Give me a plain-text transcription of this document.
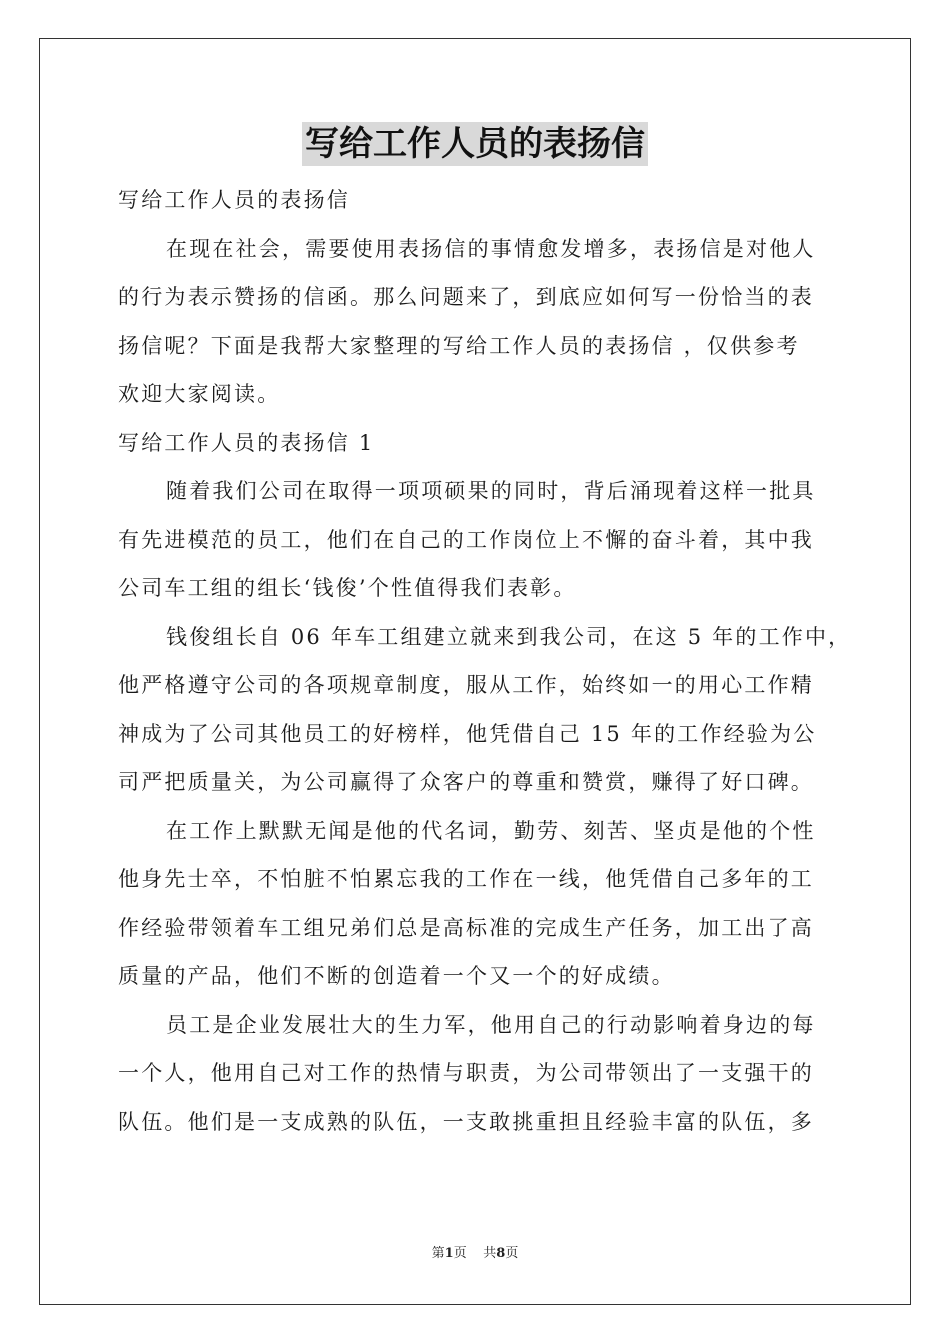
写给工作人员的表扬信
写给工作人员的表扬信
在现在社会，需要使用表扬信的事情愈发增多，表扬信是对他人
的行为表示赞扬的信函。那么问题来了，到底应如何写一份恰当的表
扬信呢？下面是我帮大家整理的写给工作人员的表扬信 ，仅供参考
欢迎大家阅读。
写给工作人员的表扬信 1
随着我们公司在取得一项项硕果的同时，背后涌现着这样一批具
有先进模范的员工，他们在自己的工作岗位上不懈的奋斗着，其中我
公司车工组的组长‘钱俊’个性值得我们表彰。
钱俊组长自 06 年车工组建立就来到我公司，在这 5 年的工作中，
他严格遵守公司的各项规章制度，服从工作，始终如一的用心工作精
神成为了公司其他员工的好榜样，他凭借自己 15 年的工作经验为公
司严把质量关，为公司赢得了众客户的尊重和赞赏，赚得了好口碑。
在工作上默默无闻是他的代名词，勤劳、刻苦、坚贞是他的个性
他身先士卒，不怕脏不怕累忘我的工作在一线，他凭借自己多年的工
作经验带领着车工组兄弟们总是高标准的完成生产任务，加工出了高
质量的产品，他们不断的创造着一个又一个的好成绩。
员工是企业发展壮大的生力军，他用自己的行动影响着身边的每
一个人，他用自己对工作的热情与职责，为公司带领出了一支强干的
队伍。他们是一支成熟的队伍，一支敢挑重担且经验丰富的队伍，多
第1页 共8页
